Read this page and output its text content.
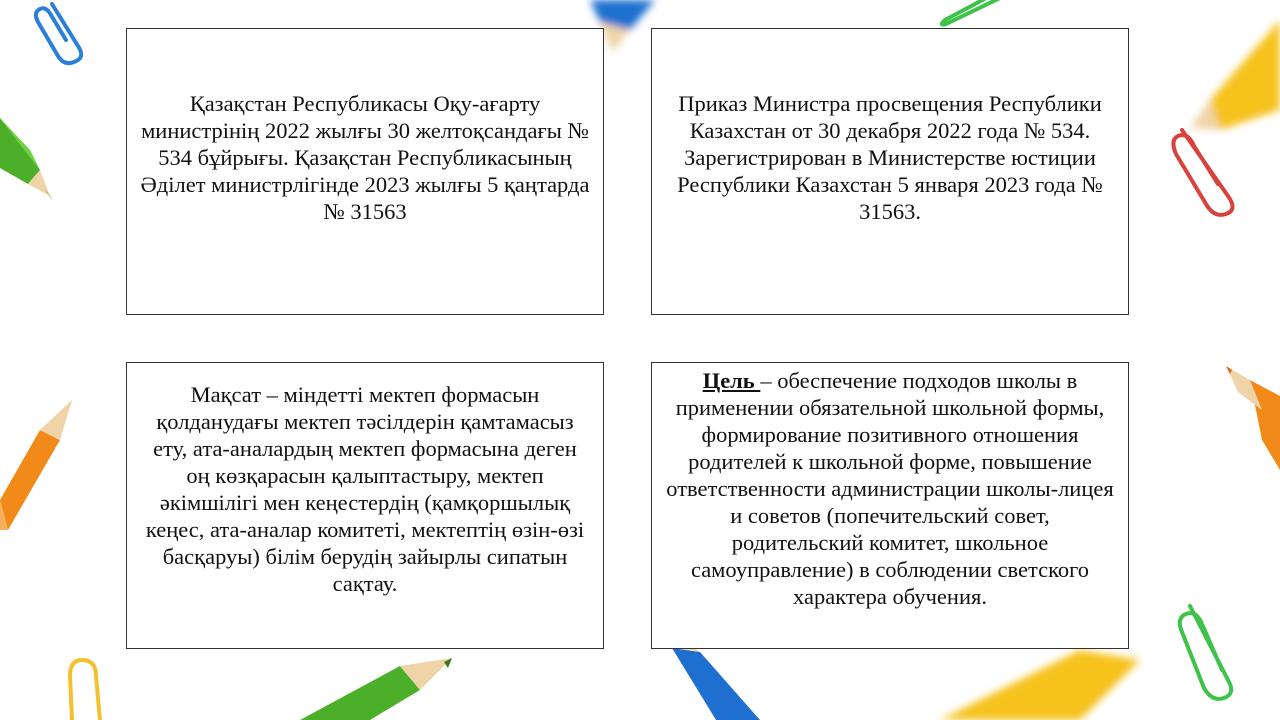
Қазақстан Республикасы Оқу-ағарту министрінің 2022 жылғы 30 желтоқсандағы № 534 бұйрығы. Қазақстан Республикасының Әділет министрлігінде 2023 жылғы 5 қаңтарда № 31563

Приказ Министра просвещения Республики Казахстан от 30 декабря 2022 года № 534. Зарегистрирован в Министерстве юстиции Республики Казахстан 5 января 2023 года № 31563.

Мақсат – міндетті мектеп формасын қолданудағы мектеп тәсілдерін қамтамасыз ету, ата-аналардың мектеп формасына деген оң көзқарасын қалыптастыру, мектеп әкімшілігі мен кеңестердің (қамқоршылық кеңес, ата-аналар комитеті, мектептің өзін-өзі басқаруы) білім берудің зайырлы сипатын сақтау.

Цель – обеспечение подходов школы в применении обязательной школьной формы, формирование позитивного отношения родителей к школьной форме, повышение ответственности администрации школы-лицея и советов (попечительский совет, родительский комитет, школьное самоуправление) в соблюдении светского характера обучения.
